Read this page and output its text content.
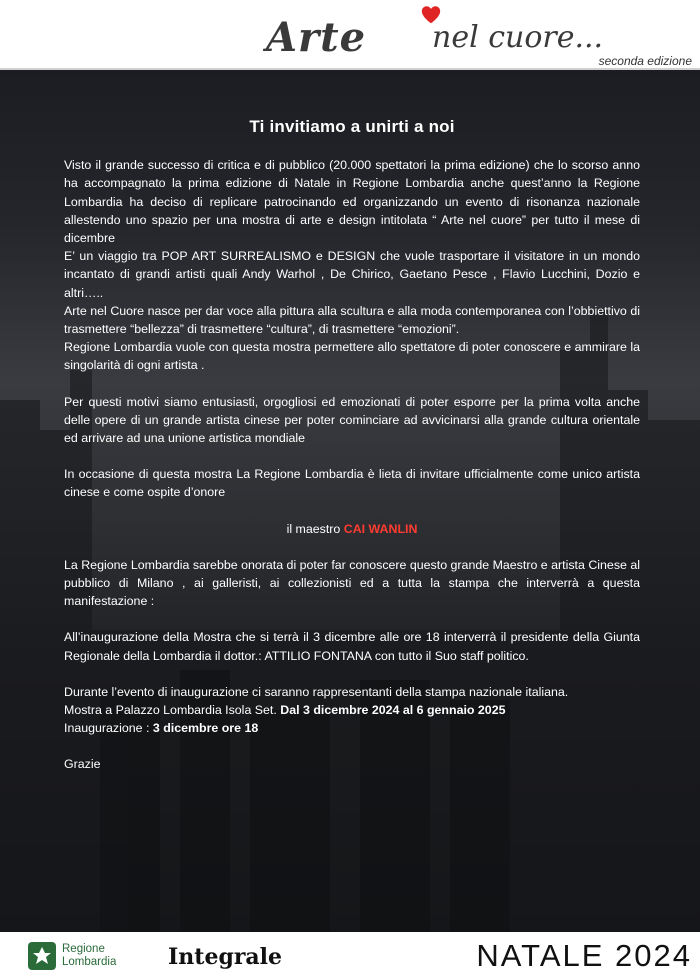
Arte nel cuore...
seconda edizione
Ti invitiamo a unirti a noi

Visto il grande successo di critica e di pubblico (20.000 spettatori la prima edizione) che lo scorso anno ha accompagnato la prima edizione di Natale in Regione Lombardia anche quest’anno la Regione Lombardia ha deciso di replicare patrocinando ed organizzando un evento di risonanza nazionale allestendo uno spazio per una mostra di arte e design intitolata “ Arte nel cuore” per tutto il mese di dicembre

E’ un viaggio tra POP ART SURREALISMO e DESIGN che vuole trasportare il visitatore in un mondo incantato di grandi artisti quali Andy Warhol , De Chirico, Gaetano Pesce , Flavio Lucchini, Dozio e altri…..

Arte nel Cuore nasce per dar voce alla pittura alla scultura e alla moda contemporanea con l’obbiettivo di trasmettere “bellezza” di trasmettere “cultura”, di trasmettere “emozioni”.

Regione Lombardia vuole con questa mostra permettere allo spettatore di poter conoscere e ammirare la singolarità di ogni artista .

Per questi motivi siamo entusiasti, orgogliosi ed emozionati di poter esporre per la prima volta anche delle opere di un grande artista cinese per poter cominciare ad avvicinarsi alla grande cultura orientale ed arrivare ad una unione artistica mondiale

In occasione di questa mostra La Regione Lombardia è lieta di invitare ufficialmente come unico artista cinese e come ospite d’onore

il maestro CAI WANLIN

La Regione Lombardia sarebbe onorata di poter far conoscere questo grande Maestro e artista Cinese al pubblico di Milano , ai galleristi, ai collezionisti ed a tutta la stampa che interverrà a questa manifestazione :

All’inaugurazione della Mostra che si terrà il 3 dicembre alle ore 18 interverrà il presidente della Giunta Regionale della Lombardia il dottor.: ATTILIO FONTANA con tutto il Suo staff politico.

Durante l’evento di inaugurazione ci saranno rappresentanti della stampa nazionale italiana.

Mostra a Palazzo Lombardia Isola Set. Dal 3 dicembre 2024 al 6 gennaio 2025

Inaugurazione : 3 dicembre ore 18

Grazie

Regione
Lombardia Integrale	NATALE 2024
